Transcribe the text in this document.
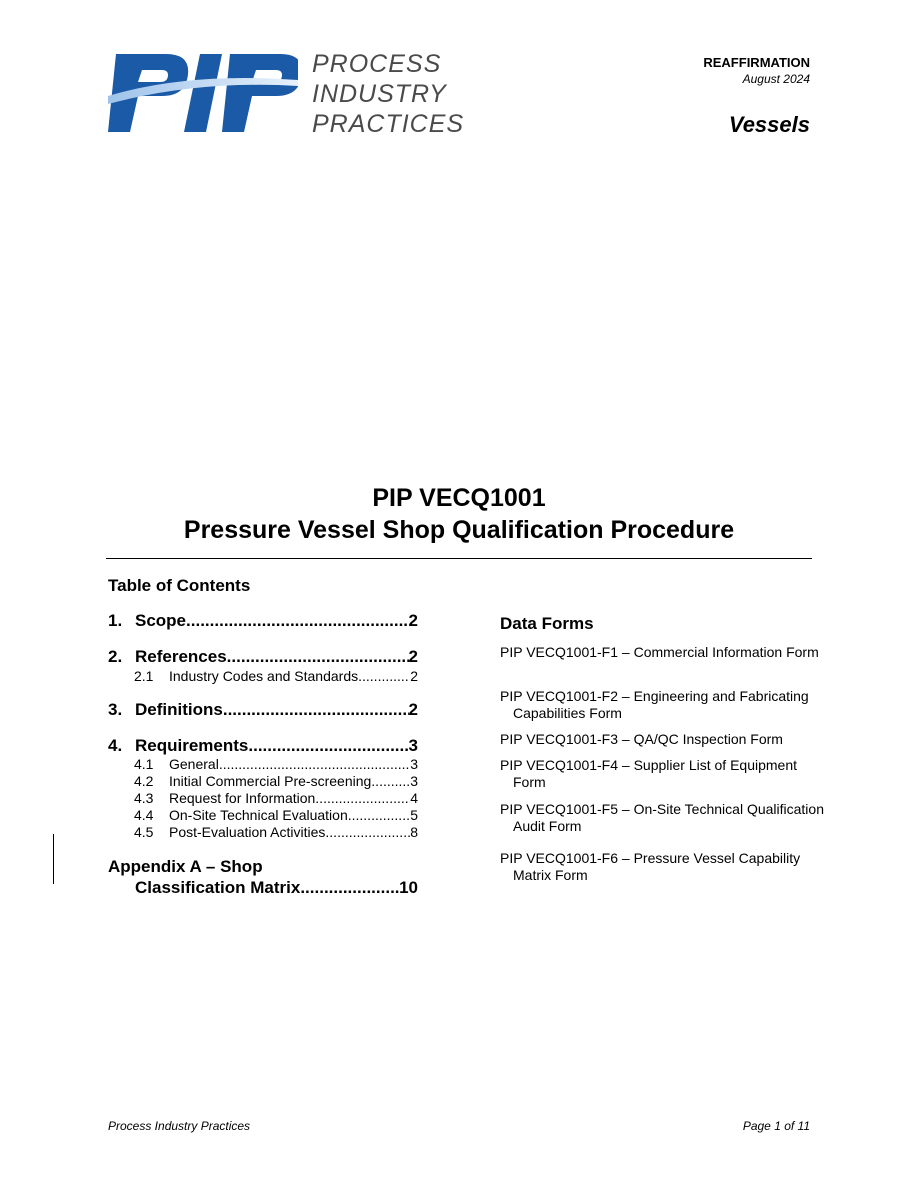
PROCESS
INDUSTRY
PRACTICES
REAFFIRMATION
August 2024
Vessels
PIP VECQ1001
Pressure Vessel Shop Qualification Procedure
Table of Contents
1. Scope .....	2
2. References .....	2
2.1 Industry Codes and Standards .....	2
3. Definitions .....	2
4. Requirements .....	3
4.1 General .....	3
4.2 Initial Commercial Pre-screening .....	3
4.3 Request for Information .....	4
4.4 On-Site Technical Evaluation .....	5
4.5 Post-Evaluation Activities .....	8
Appendix A – Shop
Classification Matrix .....	10
Data Forms
PIP VECQ1001-F1 – Commercial Information Form
PIP VECQ1001-F2 – Engineering and Fabricating Capabilities Form
PIP VECQ1001-F3 – QA/QC Inspection Form
PIP VECQ1001-F4 – Supplier List of Equipment Form
PIP VECQ1001-F5 – On-Site Technical Qualification Audit Form
PIP VECQ1001-F6 – Pressure Vessel Capability Matrix Form
Process Industry Practices	Page 1 of 11
